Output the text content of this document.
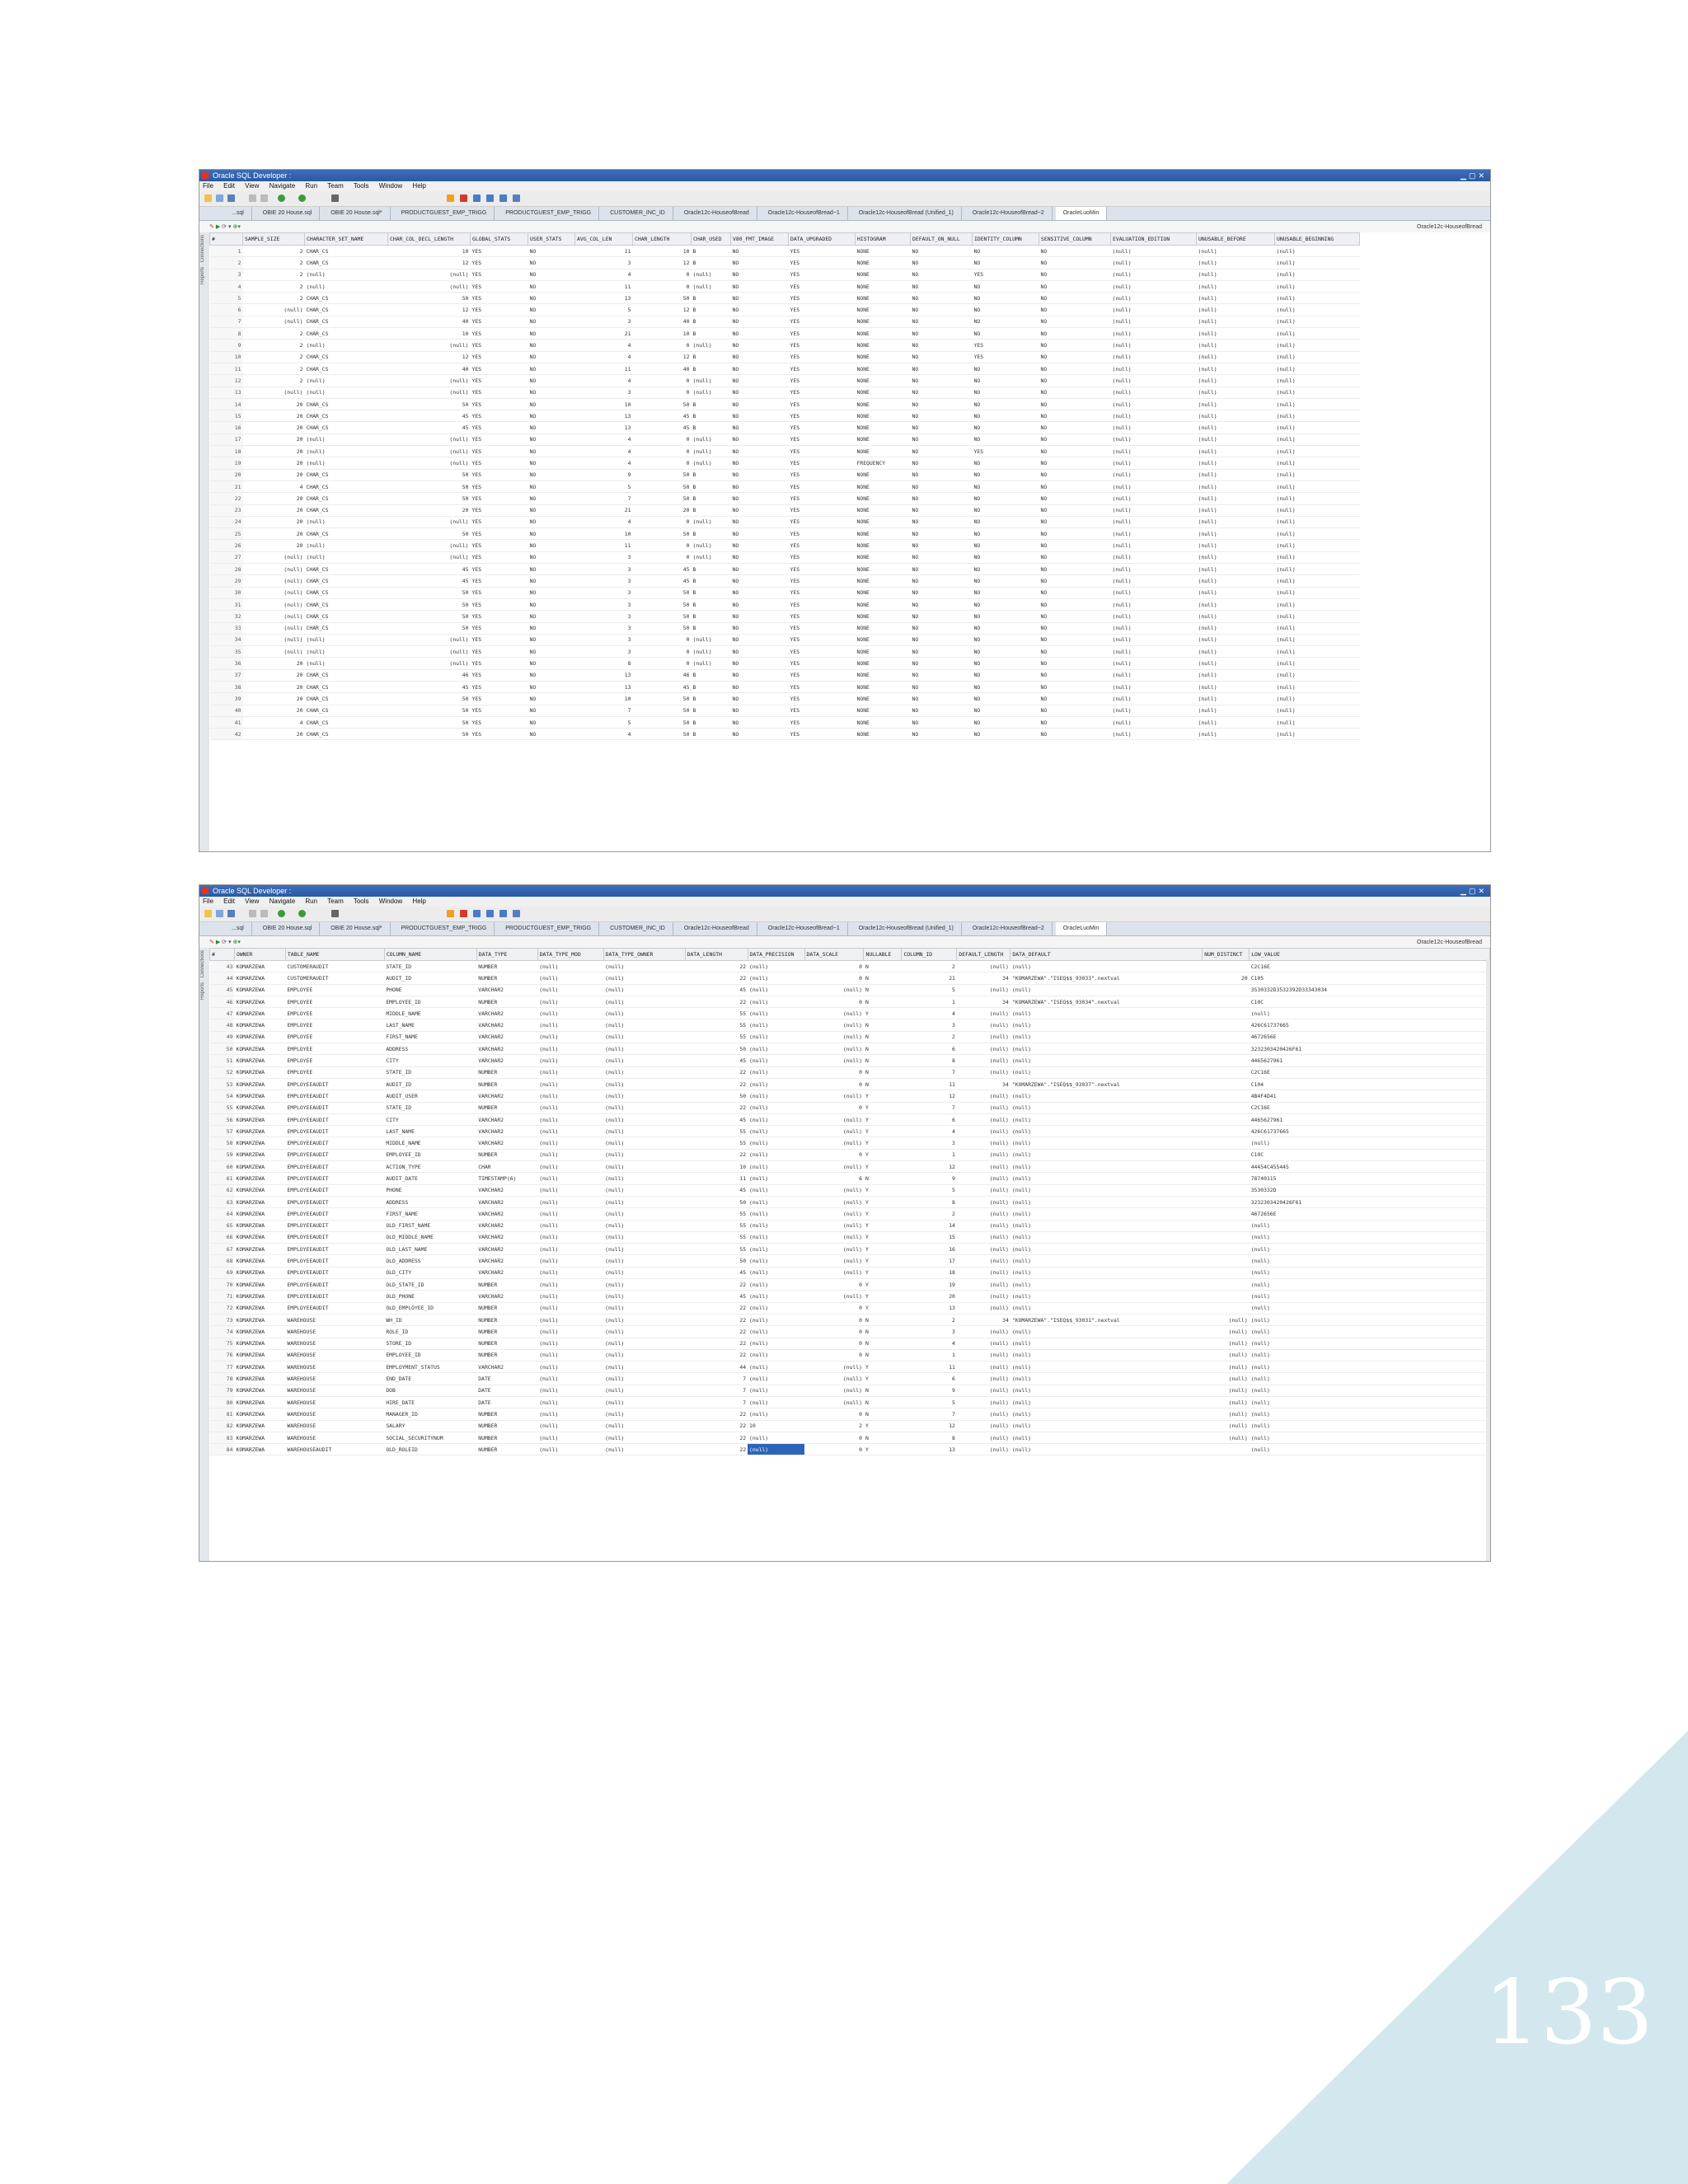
Oracle SQL Developer :	▁▢✕
File Edit View Navigate Run Team Tools Window Help
...sql	OBIE 20 House.sql	OBIE 20 House.sql*	PRODUCTGUEST_EMP_TRIGG	PRODUCTGUEST_EMP_TRIGG	CUSTOMER_INC_ID	Oracle12c-HouseofBread	Oracle12c-HouseofBread~1	Oracle12c-HouseofBread (Unified_1)	Oracle12c-HouseofBread~2	OracleLuoMin
✎ ▶ ⟳ ▾ ⊕▾	Oracle12c-HouseofBread
Connections
Reports
#	SAMPLE_SIZE	CHARACTER_SET_NAME	CHAR_COL_DECL_LENGTH	GLOBAL_STATS	USER_STATS	AVG_COL_LEN	CHAR_LENGTH	CHAR_USED	V80_FMT_IMAGE	DATA_UPGRADED	HISTOGRAM	DEFAULT_ON_NULL	IDENTITY_COLUMN	SENSITIVE_COLUMN	EVALUATION_EDITION	UNUSABLE_BEFORE	UNUSABLE_BEGINNING
1	2	CHAR_CS	10	YES	NO	11	10	B	NO	YES	NONE	NO	NO	NO	(null)	(null)	(null)
2	2	CHAR_CS	12	YES	NO	3	12	B	NO	YES	NONE	NO	NO	NO	(null)	(null)	(null)
3	2	(null)	(null)	YES	NO	4	0	(null)	NO	YES	NONE	NO	YES	NO	(null)	(null)	(null)
4	2	(null)	(null)	YES	NO	11	0	(null)	NO	YES	NONE	NO	NO	NO	(null)	(null)	(null)
5	2	CHAR_CS	50	YES	NO	13	50	B	NO	YES	NONE	NO	NO	NO	(null)	(null)	(null)
6	(null)	CHAR_CS	12	YES	NO	5	12	B	NO	YES	NONE	NO	NO	NO	(null)	(null)	(null)
7	(null)	CHAR_CS	40	YES	NO	3	40	B	NO	YES	NONE	NO	NO	NO	(null)	(null)	(null)
8	2	CHAR_CS	10	YES	NO	21	10	B	NO	YES	NONE	NO	NO	NO	(null)	(null)	(null)
9	2	(null)	(null)	YES	NO	4	0	(null)	NO	YES	NONE	NO	YES	NO	(null)	(null)	(null)
10	2	CHAR_CS	12	YES	NO	4	12	B	NO	YES	NONE	NO	YES	NO	(null)	(null)	(null)
11	2	CHAR_CS	40	YES	NO	11	40	B	NO	YES	NONE	NO	NO	NO	(null)	(null)	(null)
12	2	(null)	(null)	YES	NO	4	0	(null)	NO	YES	NONE	NO	NO	NO	(null)	(null)	(null)
13	(null)	(null)	(null)	YES	NO	3	0	(null)	NO	YES	NONE	NO	NO	NO	(null)	(null)	(null)
14	20	CHAR_CS	50	YES	NO	10	50	B	NO	YES	NONE	NO	NO	NO	(null)	(null)	(null)
15	20	CHAR_CS	45	YES	NO	13	45	B	NO	YES	NONE	NO	NO	NO	(null)	(null)	(null)
16	20	CHAR_CS	45	YES	NO	13	45	B	NO	YES	NONE	NO	NO	NO	(null)	(null)	(null)
17	20	(null)	(null)	YES	NO	4	0	(null)	NO	YES	NONE	NO	NO	NO	(null)	(null)	(null)
18	20	(null)	(null)	YES	NO	4	0	(null)	NO	YES	NONE	NO	YES	NO	(null)	(null)	(null)
19	20	(null)	(null)	YES	NO	4	0	(null)	NO	YES	FREQUENCY	NO	NO	NO	(null)	(null)	(null)
20	20	CHAR_CS	50	YES	NO	9	50	B	NO	YES	NONE	NO	NO	NO	(null)	(null)	(null)
21	4	CHAR_CS	50	YES	NO	5	50	B	NO	YES	NONE	NO	NO	NO	(null)	(null)	(null)
22	20	CHAR_CS	50	YES	NO	7	50	B	NO	YES	NONE	NO	NO	NO	(null)	(null)	(null)
23	20	CHAR_CS	20	YES	NO	21	20	B	NO	YES	NONE	NO	NO	NO	(null)	(null)	(null)
24	20	(null)	(null)	YES	NO	4	0	(null)	NO	YES	NONE	NO	NO	NO	(null)	(null)	(null)
25	20	CHAR_CS	50	YES	NO	10	50	B	NO	YES	NONE	NO	NO	NO	(null)	(null)	(null)
26	20	(null)	(null)	YES	NO	11	0	(null)	NO	YES	NONE	NO	NO	NO	(null)	(null)	(null)
27	(null)	(null)	(null)	YES	NO	3	0	(null)	NO	YES	NONE	NO	NO	NO	(null)	(null)	(null)
28	(null)	CHAR_CS	45	YES	NO	3	45	B	NO	YES	NONE	NO	NO	NO	(null)	(null)	(null)
29	(null)	CHAR_CS	45	YES	NO	3	45	B	NO	YES	NONE	NO	NO	NO	(null)	(null)	(null)
30	(null)	CHAR_CS	50	YES	NO	3	50	B	NO	YES	NONE	NO	NO	NO	(null)	(null)	(null)
31	(null)	CHAR_CS	50	YES	NO	3	50	B	NO	YES	NONE	NO	NO	NO	(null)	(null)	(null)
32	(null)	CHAR_CS	50	YES	NO	3	50	B	NO	YES	NONE	NO	NO	NO	(null)	(null)	(null)
33	(null)	CHAR_CS	50	YES	NO	3	50	B	NO	YES	NONE	NO	NO	NO	(null)	(null)	(null)
34	(null)	(null)	(null)	YES	NO	3	0	(null)	NO	YES	NONE	NO	NO	NO	(null)	(null)	(null)
35	(null)	(null)	(null)	YES	NO	3	0	(null)	NO	YES	NONE	NO	NO	NO	(null)	(null)	(null)
36	20	(null)	(null)	YES	NO	8	0	(null)	NO	YES	NONE	NO	NO	NO	(null)	(null)	(null)
37	20	CHAR_CS	46	YES	NO	13	46	B	NO	YES	NONE	NO	NO	NO	(null)	(null)	(null)
38	20	CHAR_CS	45	YES	NO	13	45	B	NO	YES	NONE	NO	NO	NO	(null)	(null)	(null)
39	20	CHAR_CS	50	YES	NO	10	50	B	NO	YES	NONE	NO	NO	NO	(null)	(null)	(null)
40	20	CHAR_CS	50	YES	NO	7	50	B	NO	YES	NONE	NO	NO	NO	(null)	(null)	(null)
41	4	CHAR_CS	50	YES	NO	5	50	B	NO	YES	NONE	NO	NO	NO	(null)	(null)	(null)
42	20	CHAR_CS	50	YES	NO	4	50	B	NO	YES	NONE	NO	NO	NO	(null)	(null)	(null)
Oracle SQL Developer :	▁▢✕
File Edit View Navigate Run Team Tools Window Help
...sql	OBIE 20 House.sql	OBIE 20 House.sql*	PRODUCTGUEST_EMP_TRIGG	PRODUCTGUEST_EMP_TRIGG	CUSTOMER_INC_ID	Oracle12c-HouseofBread	Oracle12c-HouseofBread~1	Oracle12c-HouseofBread (Unified_1)	Oracle12c-HouseofBread~2	OracleLuoMin
✎ ▶ ⟳ ▾ ⊕▾	Oracle12c-HouseofBread
Connections
Reports
#	OWNER	TABLE_NAME	COLUMN_NAME	DATA_TYPE	DATA_TYPE_MOD	DATA_TYPE_OWNER	DATA_LENGTH	DATA_PRECISION	DATA_SCALE	NULLABLE	COLUMN_ID	DEFAULT_LENGTH	DATA_DEFAULT	NUM_DISTINCT	LOW_VALUE
43	KOMARZEWA	CUSTOMERAUDIT	STATE_ID	NUMBER	(null)	(null)	22	(null)	0	N	2	(null)	(null)		C2C16E
44	KOMARZEWA	CUSTOMERAUDIT	AUDIT_ID	NUMBER	(null)	(null)	22	(null)	0	N	21	34	"KOMARZEWA"."ISEQ$$_93033".nextval	20	C105
45	KOMARZEWA	EMPLOYEE	PHONE	VARCHAR2	(null)	(null)	45	(null)	(null)	N	5	(null)	(null)		3530332D3532392D33343034
46	KOMARZEWA	EMPLOYEE	EMPLOYEE_ID	NUMBER	(null)	(null)	22	(null)	0	N	1	34	"KOMARZEWA"."ISEQ$$_93034".nextval		C10C
47	KOMARZEWA	EMPLOYEE	MIDDLE_NAME	VARCHAR2	(null)	(null)	55	(null)	(null)	Y	4	(null)	(null)		(null)
48	KOMARZEWA	EMPLOYEE	LAST_NAME	VARCHAR2	(null)	(null)	55	(null)	(null)	N	3	(null)	(null)		426C61737665
49	KOMARZEWA	EMPLOYEE	FIRST_NAME	VARCHAR2	(null)	(null)	55	(null)	(null)	N	2	(null)	(null)		4672656E
50	KOMARZEWA	EMPLOYEE	ADDRESS	VARCHAR2	(null)	(null)	50	(null)	(null)	N	6	(null)	(null)		3232303420426F61
51	KOMARZEWA	EMPLOYEE	CITY	VARCHAR2	(null)	(null)	45	(null)	(null)	N	8	(null)	(null)		4465627961
52	KOMARZEWA	EMPLOYEE	STATE_ID	NUMBER	(null)	(null)	22	(null)	0	N	7	(null)	(null)		C2C16E
53	KOMARZEWA	EMPLOYEEAUDIT	AUDIT_ID	NUMBER	(null)	(null)	22	(null)	0	N	11	34	"KOMARZEWA"."ISEQ$$_93037".nextval		C104
54	KOMARZEWA	EMPLOYEEAUDIT	AUDIT_USER	VARCHAR2	(null)	(null)	50	(null)	(null)	Y	12	(null)	(null)		4B4F4D41
55	KOMARZEWA	EMPLOYEEAUDIT	STATE_ID	NUMBER	(null)	(null)	22	(null)	0	Y	7	(null)	(null)		C2C16E
56	KOMARZEWA	EMPLOYEEAUDIT	CITY	VARCHAR2	(null)	(null)	45	(null)	(null)	Y	6	(null)	(null)		4465627961
57	KOMARZEWA	EMPLOYEEAUDIT	LAST_NAME	VARCHAR2	(null)	(null)	55	(null)	(null)	Y	4	(null)	(null)		426C61737665
58	KOMARZEWA	EMPLOYEEAUDIT	MIDDLE_NAME	VARCHAR2	(null)	(null)	55	(null)	(null)	Y	3	(null)	(null)		(null)
59	KOMARZEWA	EMPLOYEEAUDIT	EMPLOYEE_ID	NUMBER	(null)	(null)	22	(null)	0	Y	1	(null)	(null)		C10C
60	KOMARZEWA	EMPLOYEEAUDIT	ACTION_TYPE	CHAR	(null)	(null)	10	(null)	(null)	Y	12	(null)	(null)		44454C455445
61	KOMARZEWA	EMPLOYEEAUDIT	AUDIT_DATE	TIMESTAMP(6)	(null)	(null)	11	(null)	6	N	9	(null)	(null)		78740115
62	KOMARZEWA	EMPLOYEEAUDIT	PHONE	VARCHAR2	(null)	(null)	45	(null)	(null)	Y	5	(null)	(null)		3530332D
63	KOMARZEWA	EMPLOYEEAUDIT	ADDRESS	VARCHAR2	(null)	(null)	50	(null)	(null)	Y	8	(null)	(null)		3232303420426F61
64	KOMARZEWA	EMPLOYEEAUDIT	FIRST_NAME	VARCHAR2	(null)	(null)	55	(null)	(null)	Y	2	(null)	(null)		4672656E
65	KOMARZEWA	EMPLOYEEAUDIT	OLD_FIRST_NAME	VARCHAR2	(null)	(null)	55	(null)	(null)	Y	14	(null)	(null)		(null)
66	KOMARZEWA	EMPLOYEEAUDIT	OLD_MIDDLE_NAME	VARCHAR2	(null)	(null)	55	(null)	(null)	Y	15	(null)	(null)		(null)
67	KOMARZEWA	EMPLOYEEAUDIT	OLD_LAST_NAME	VARCHAR2	(null)	(null)	55	(null)	(null)	Y	16	(null)	(null)		(null)
68	KOMARZEWA	EMPLOYEEAUDIT	OLD_ADDRESS	VARCHAR2	(null)	(null)	50	(null)	(null)	Y	17	(null)	(null)		(null)
69	KOMARZEWA	EMPLOYEEAUDIT	OLD_CITY	VARCHAR2	(null)	(null)	45	(null)	(null)	Y	18	(null)	(null)		(null)
70	KOMARZEWA	EMPLOYEEAUDIT	OLD_STATE_ID	NUMBER	(null)	(null)	22	(null)	0	Y	19	(null)	(null)		(null)
71	KOMARZEWA	EMPLOYEEAUDIT	OLD_PHONE	VARCHAR2	(null)	(null)	45	(null)	(null)	Y	20	(null)	(null)		(null)
72	KOMARZEWA	EMPLOYEEAUDIT	OLD_EMPLOYEE_ID	NUMBER	(null)	(null)	22	(null)	0	Y	13	(null)	(null)		(null)
73	KOMARZEWA	WAREHOUSE	WH_ID	NUMBER	(null)	(null)	22	(null)	0	N	2	34	"KOMARZEWA"."ISEQ$$_93031".nextval	(null)	(null)
74	KOMARZEWA	WAREHOUSE	ROLE_ID	NUMBER	(null)	(null)	22	(null)	0	N	3	(null)	(null)	(null)	(null)
75	KOMARZEWA	WAREHOUSE	STORE_ID	NUMBER	(null)	(null)	22	(null)	0	N	4	(null)	(null)	(null)	(null)
76	KOMARZEWA	WAREHOUSE	EMPLOYEE_ID	NUMBER	(null)	(null)	22	(null)	0	N	1	(null)	(null)	(null)	(null)
77	KOMARZEWA	WAREHOUSE	EMPLOYMENT_STATUS	VARCHAR2	(null)	(null)	44	(null)	(null)	Y	11	(null)	(null)	(null)	(null)
78	KOMARZEWA	WAREHOUSE	END_DATE	DATE	(null)	(null)	7	(null)	(null)	Y	6	(null)	(null)	(null)	(null)
79	KOMARZEWA	WAREHOUSE	DOB	DATE	(null)	(null)	7	(null)	(null)	N	9	(null)	(null)	(null)	(null)
80	KOMARZEWA	WAREHOUSE	HIRE_DATE	DATE	(null)	(null)	7	(null)	(null)	N	5	(null)	(null)	(null)	(null)
81	KOMARZEWA	WAREHOUSE	MANAGER_ID	NUMBER	(null)	(null)	22	(null)	0	N	7	(null)	(null)	(null)	(null)
82	KOMARZEWA	WAREHOUSE	SALARY	NUMBER	(null)	(null)	22	10	2	Y	12	(null)	(null)	(null)	(null)
83	KOMARZEWA	WAREHOUSE	SOCIAL_SECURITYNUM	NUMBER	(null)	(null)	22	(null)	0	N	8	(null)	(null)	(null)	(null)
84	KOMARZEWA	WAREHOUSEAUDIT	OLD_ROLEID	NUMBER	(null)	(null)	22	(null)	0	Y	13	(null)	(null)		(null)
133
